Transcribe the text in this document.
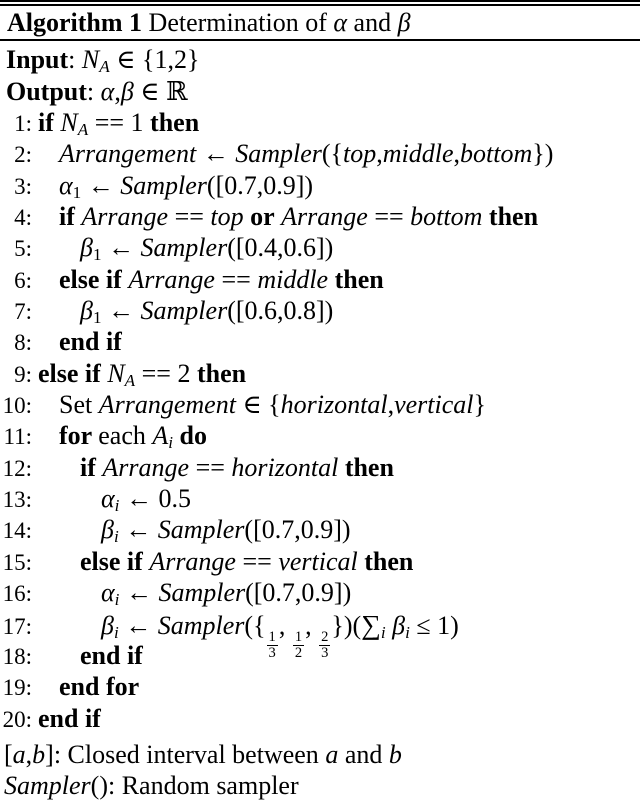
Algorithm 1 Determination of α and β
Input: NA ∈ {1,2}
Output: α,β ∈ ℝ
1: if NA == 1 then
2:	Arrangement ← Sampler({top,middle,bottom})
3:	α1 ← Sampler([0.7,0.9])
4:	if Arrange == top or Arrange == bottom then
5:	β1 ← Sampler([0.4,0.6])
6:	else if Arrange == middle then
7:	β1 ← Sampler([0.6,0.8])
8:	end if
9: else if NA == 2 then
10:	Set Arrangement ∈ {horizontal,vertical}
11:	for each Ai do
12:	if Arrange == horizontal then
13:	αi ← 0.5
14:	βi ← Sampler([0.7,0.9])
15:	else if Arrange == vertical then
16:	αi ← Sampler([0.7,0.9])
17:	βi ← Sampler({
$\frac{1}{3}$
,
$\frac{1}{2}$
,
$\frac{2}{3}$
})(∑i βi ≤ 1)
18:	end if
19:	end for
20: end if
[a,b]: Closed interval between a and b
Sampler(): Random sampler
